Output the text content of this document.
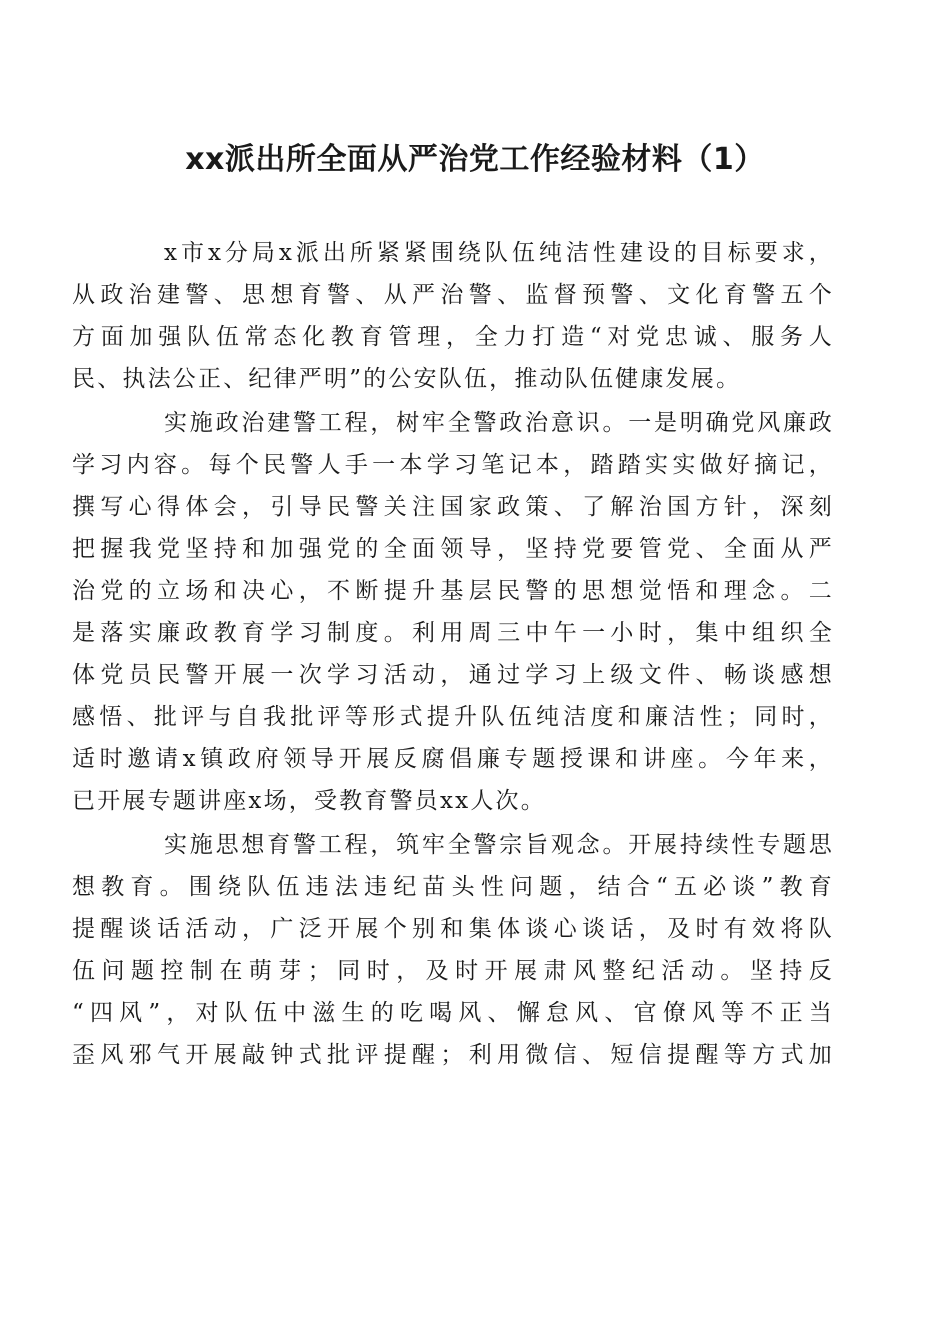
xx派出所全面从严治党工作经验材料（1）

x市x分局x派出所紧紧围绕队伍纯洁性建设的目标要求，
从政治建警、思想育警、从严治警、监督预警、文化育警五个
方面加强队伍常态化教育管理，全力打造“对党忠诚、服务人
民、执法公正、纪律严明”的公安队伍，推动队伍健康发展。

实施政治建警工程，树牢全警政治意识。一是明确党风廉政
学习内容。每个民警人手一本学习笔记本，踏踏实实做好摘记，
撰写心得体会，引导民警关注国家政策、了解治国方针，深刻
把握我党坚持和加强党的全面领导，坚持党要管党、全面从严
治党的立场和决心，不断提升基层民警的思想觉悟和理念。二
是落实廉政教育学习制度。利用周三中午一小时，集中组织全
体党员民警开展一次学习活动，通过学习上级文件、畅谈感想
感悟、批评与自我批评等形式提升队伍纯洁度和廉洁性；同时，
适时邀请x镇政府领导开展反腐倡廉专题授课和讲座。今年来，
已开展专题讲座x场，受教育警员xx人次。

实施思想育警工程，筑牢全警宗旨观念。开展持续性专题思
想教育。围绕队伍违法违纪苗头性问题，结合“五必谈”教育
提醒谈话活动，广泛开展个别和集体谈心谈话，及时有效将队
伍问题控制在萌芽；同时，及时开展肃风整纪活动。坚持反
“四风”，对队伍中滋生的吃喝风、懈怠风、官僚风等不正当
歪风邪气开展敲钟式批评提醒；利用微信、短信提醒等方式加
